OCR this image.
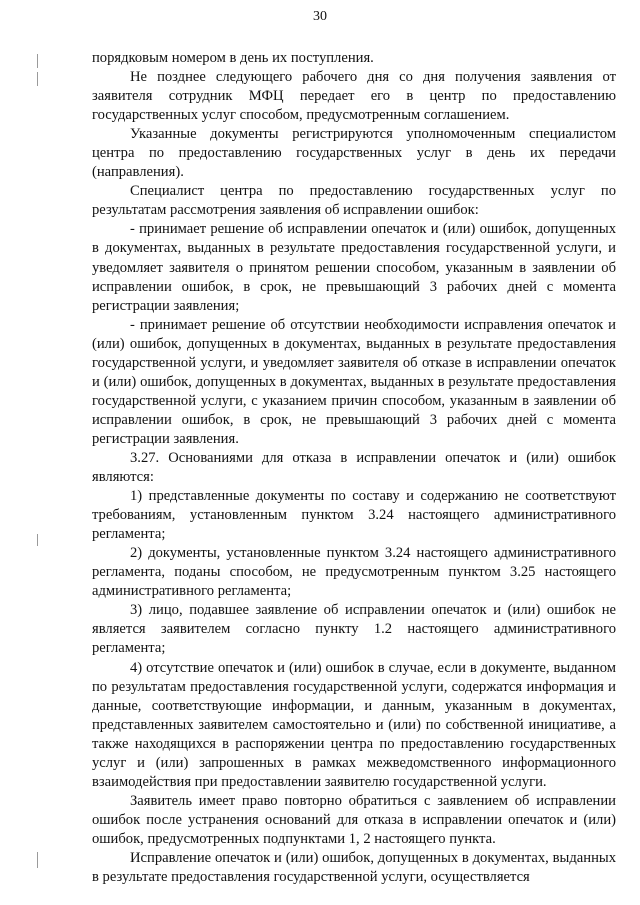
30

порядковым номером в день их поступления.

Не позднее следующего рабочего дня со дня получения заявления от заявителя сотрудник МФЦ передает его в центр по предоставлению государственных услуг способом, предусмотренным соглашением.

Указанные документы регистрируются уполномоченным специалистом центра по предоставлению государственных услуг в день их передачи (направления).

Специалист центра по предоставлению государственных услуг по результатам рассмотрения заявления об исправлении ошибок:

- принимает решение об исправлении опечаток и (или) ошибок, допущенных в документах, выданных в результате предоставления государственной услуги, и уведомляет заявителя о принятом решении способом, указанным в заявлении об исправлении ошибок, в срок, не превышающий 3 рабочих дней с момента регистрации заявления;

- принимает решение об отсутствии необходимости исправления опечаток и (или) ошибок, допущенных в документах, выданных в результате предоставления государственной услуги, и уведомляет заявителя об отказе в исправлении опечаток и (или) ошибок, допущенных в документах, выданных в результате предоставления государственной услуги, с указанием причин способом, указанным в заявлении об исправлении ошибок, в срок, не превышающий 3 рабочих дней с момента регистрации заявления.

3.27. Основаниями для отказа в исправлении опечаток и (или) ошибок являются:

1) представленные документы по составу и содержанию не соответствуют требованиям, установленным пунктом 3.24 настоящего административного регламента;

2) документы, установленные пунктом 3.24 настоящего административного регламента, поданы способом, не предусмотренным пунктом 3.25 настоящего административного регламента;

3) лицо, подавшее заявление об исправлении опечаток и (или) ошибок не является заявителем согласно пункту 1.2 настоящего административного регламента;

4) отсутствие опечаток и (или) ошибок в случае, если в документе, выданном по результатам предоставления государственной услуги, содержатся информация и данные, соответствующие информации, и данным, указанным в документах, представленных заявителем самостоятельно и (или) по собственной инициативе, а также находящихся в распоряжении центра по предоставлению государственных услуг и (или) запрошенных в рамках межведомственного информационного взаимодействия при предоставлении заявителю государственной услуги.

Заявитель имеет право повторно обратиться с заявлением об исправлении ошибок после устранения оснований для отказа в исправлении опечаток и (или) ошибок, предусмотренных подпунктами 1, 2 настоящего пункта.

Исправление опечаток и (или) ошибок, допущенных в документах, выданных в результате предоставления государственной услуги, осуществляется
